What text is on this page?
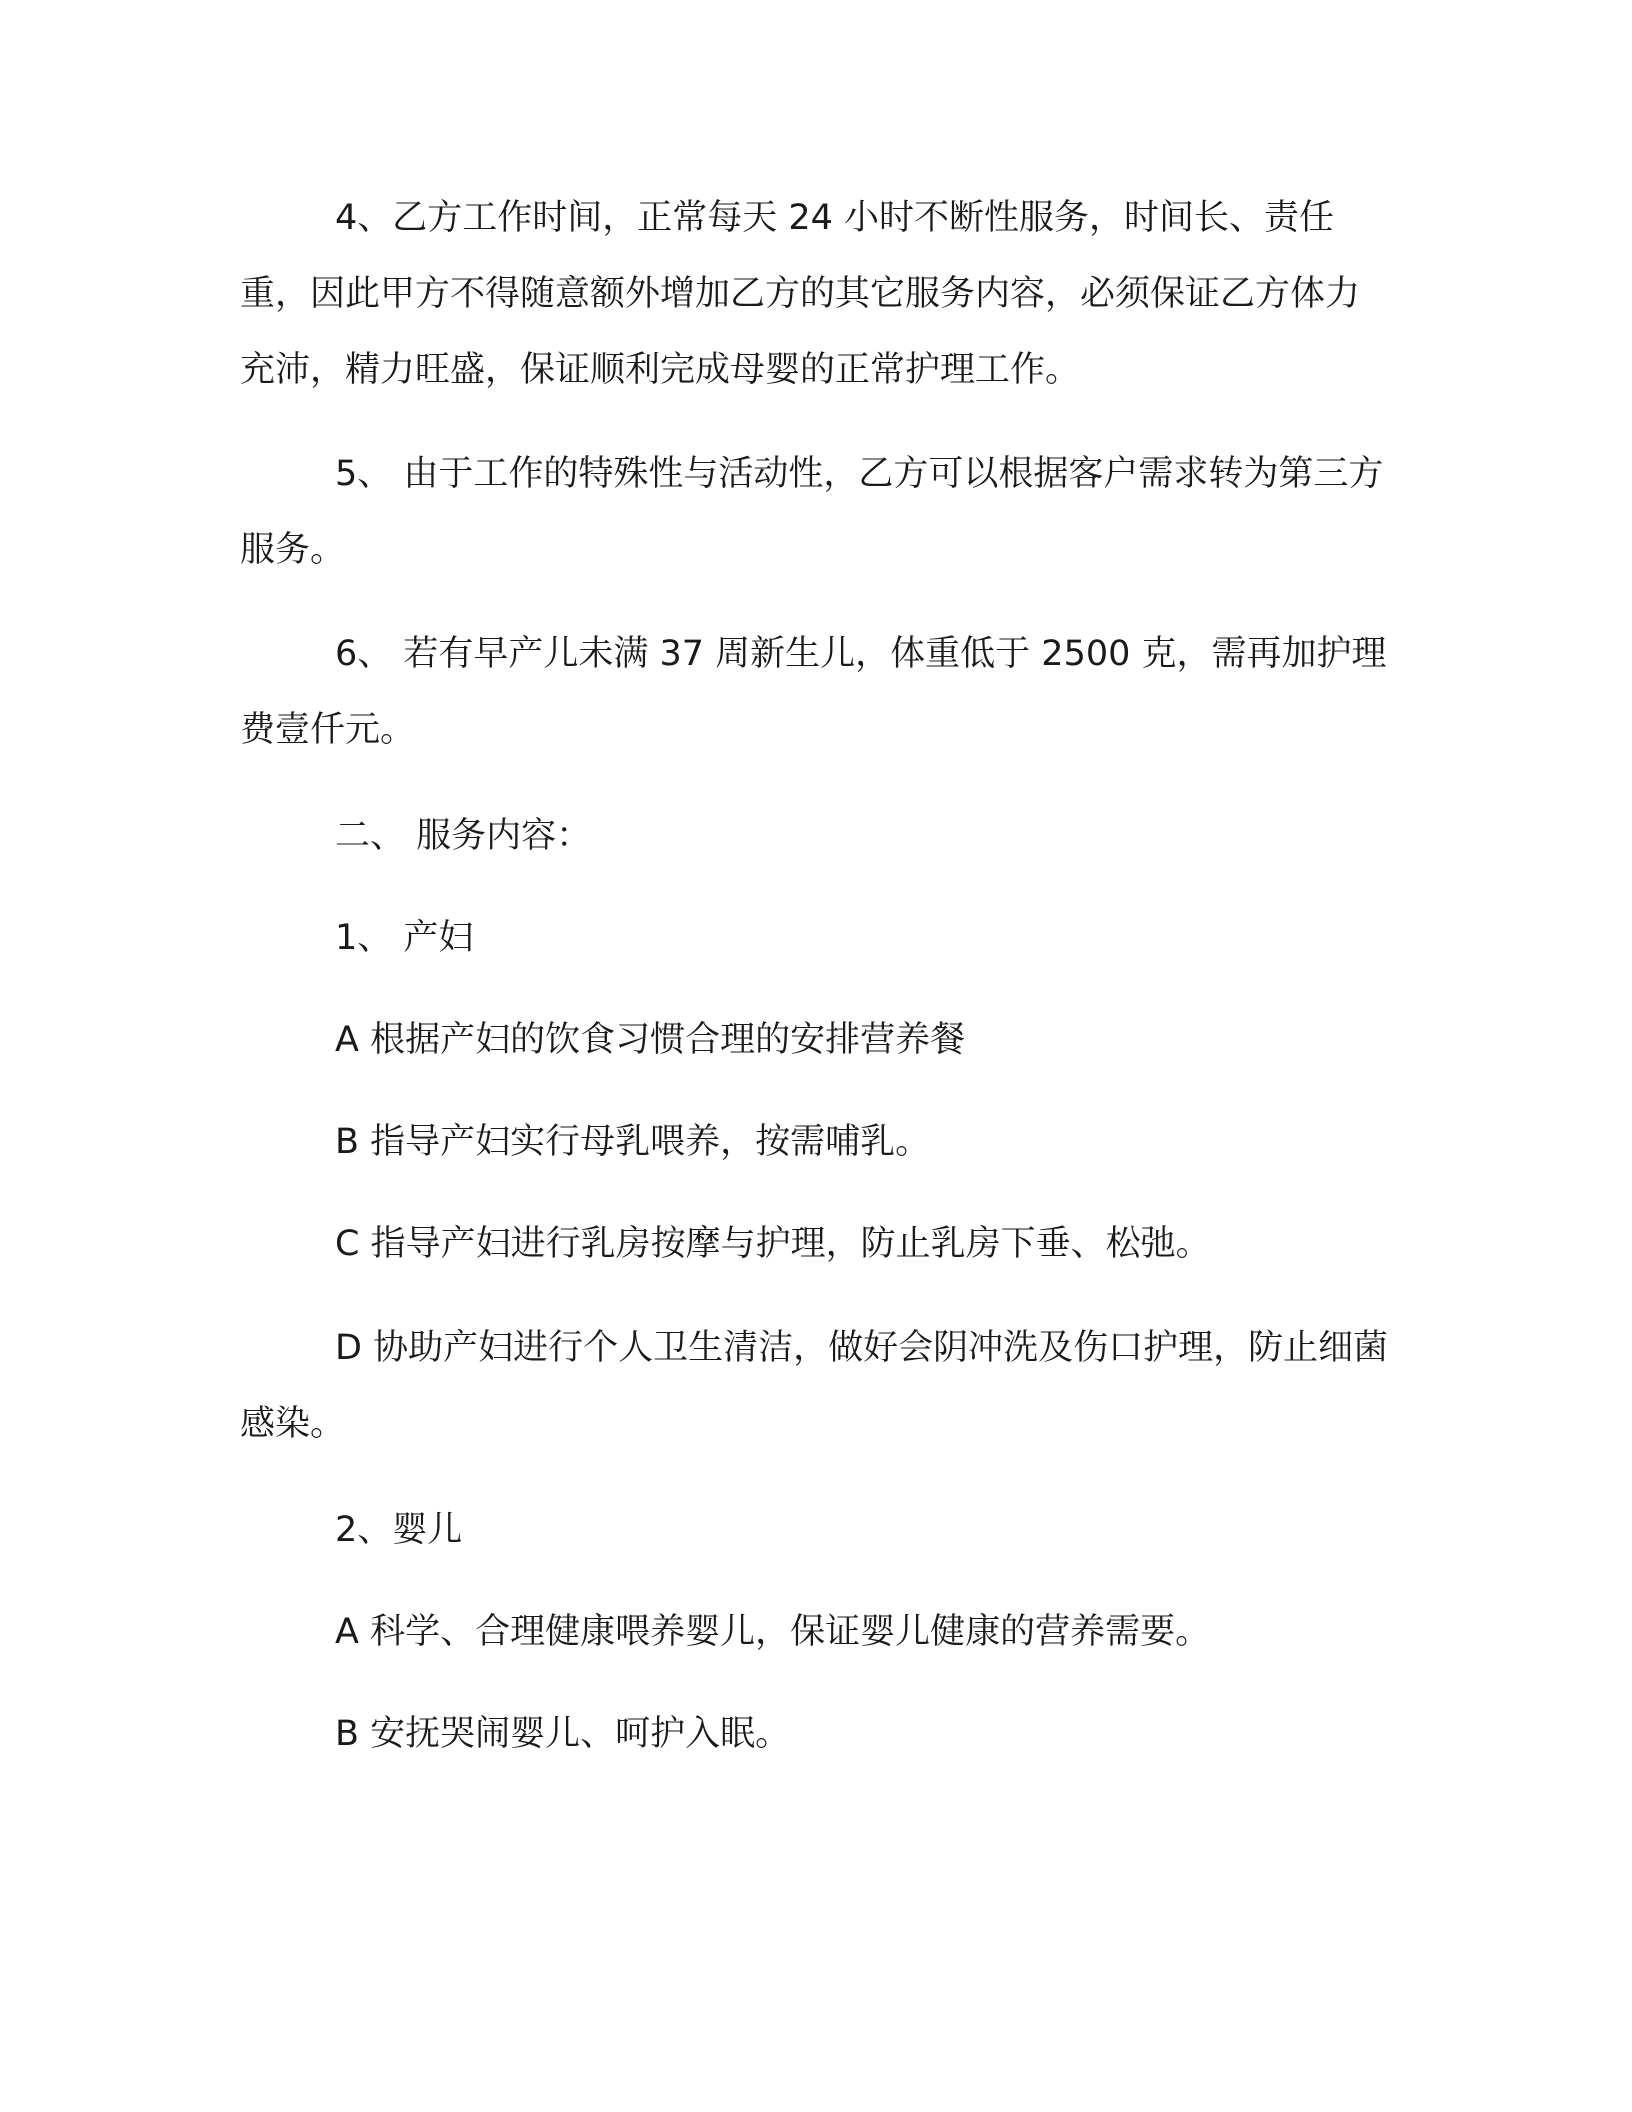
4、乙方工作时间，正常每天 24 小时不断性服务，时间长、责任重，因此甲方不得随意额外增加乙方的其它服务内容，必须保证乙方体力充沛，精力旺盛，保证顺利完成母婴的正常护理工作。

5、 由于工作的特殊性与活动性，乙方可以根据客户需求转为第三方服务。

6、 若有早产儿未满 37 周新生儿，体重低于 2500 克，需再加护理费壹仟元。

二、 服务内容：

1、 产妇

A 根据产妇的饮食习惯合理的安排营养餐

B 指导产妇实行母乳喂养，按需哺乳。

C 指导产妇进行乳房按摩与护理，防止乳房下垂、松弛。

D 协助产妇进行个人卫生清洁，做好会阴冲洗及伤口护理，防止细菌感染。

2、婴儿

A 科学、合理健康喂养婴儿，保证婴儿健康的营养需要。

B 安抚哭闹婴儿、呵护入眠。
